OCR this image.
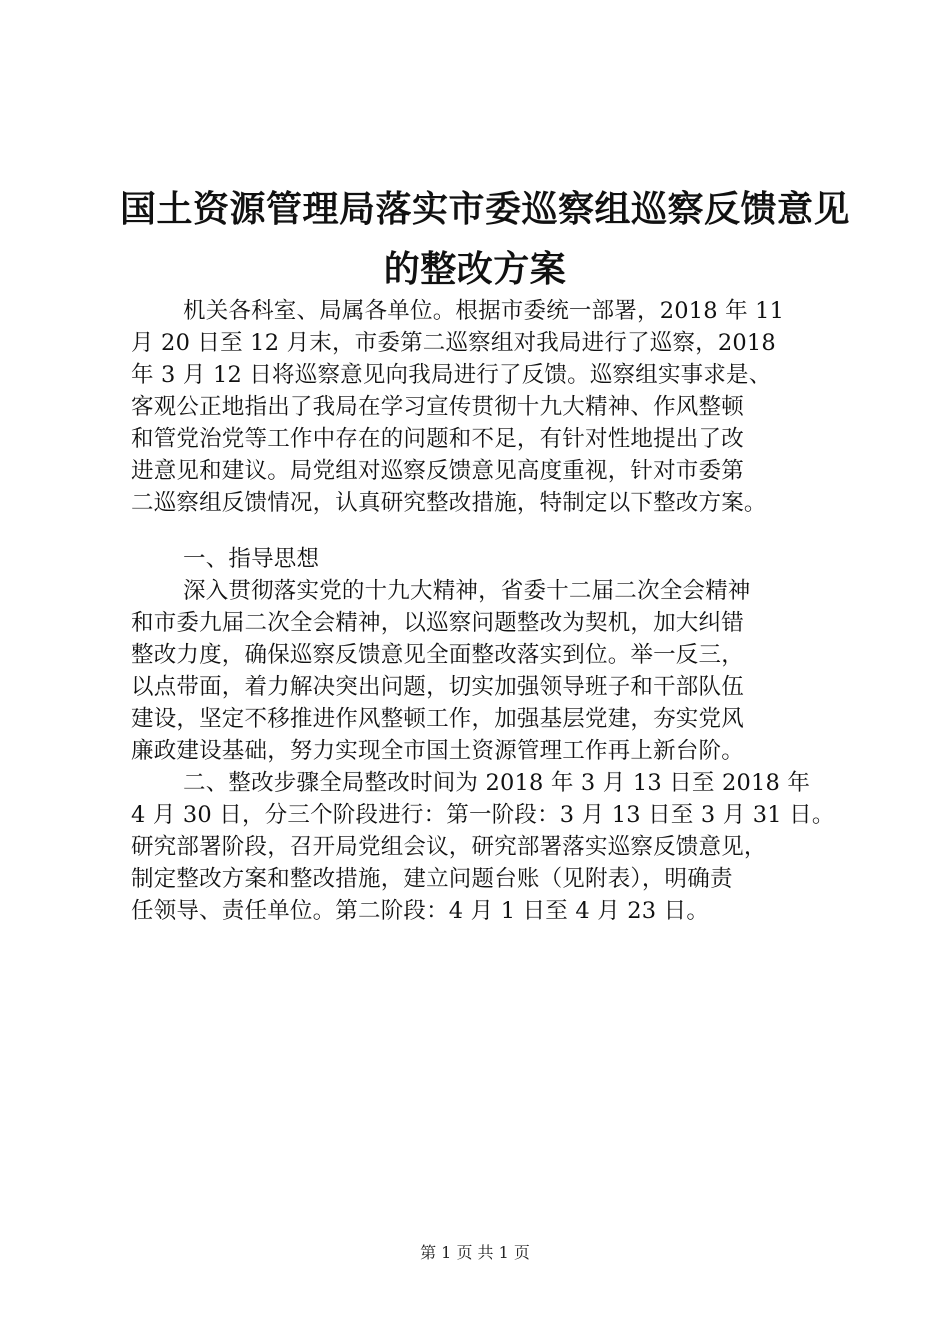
国土资源管理局落实市委巡察组巡察反馈意见
的整改方案
机关各科室、局属各单位。根据市委统一部署，2018 年 11
月 20 日至 12 月末，市委第二巡察组对我局进行了巡察，2018
年 3 月 12 日将巡察意见向我局进行了反馈。巡察组实事求是、
客观公正地指出了我局在学习宣传贯彻十九大精神、作风整顿
和管党治党等工作中存在的问题和不足，有针对性地提出了改
进意见和建议。局党组对巡察反馈意见高度重视，针对市委第
二巡察组反馈情况，认真研究整改措施，特制定以下整改方案。
一、指导思想
深入贯彻落实党的十九大精神，省委十二届二次全会精神
和市委九届二次全会精神，以巡察问题整改为契机，加大纠错
整改力度，确保巡察反馈意见全面整改落实到位。举一反三，
以点带面，着力解决突出问题，切实加强领导班子和干部队伍
建设，坚定不移推进作风整顿工作，加强基层党建，夯实党风
廉政建设基础，努力实现全市国土资源管理工作再上新台阶。
二、整改步骤全局整改时间为 2018 年 3 月 13 日至 2018 年
4 月 30 日，分三个阶段进行：第一阶段：3 月 13 日至 3 月 31 日。
研究部署阶段，召开局党组会议，研究部署落实巡察反馈意见，
制定整改方案和整改措施，建立问题台账（见附表），明确责
任领导、责任单位。第二阶段：4 月 1 日至 4 月 23 日。
第 1 页 共 1 页
